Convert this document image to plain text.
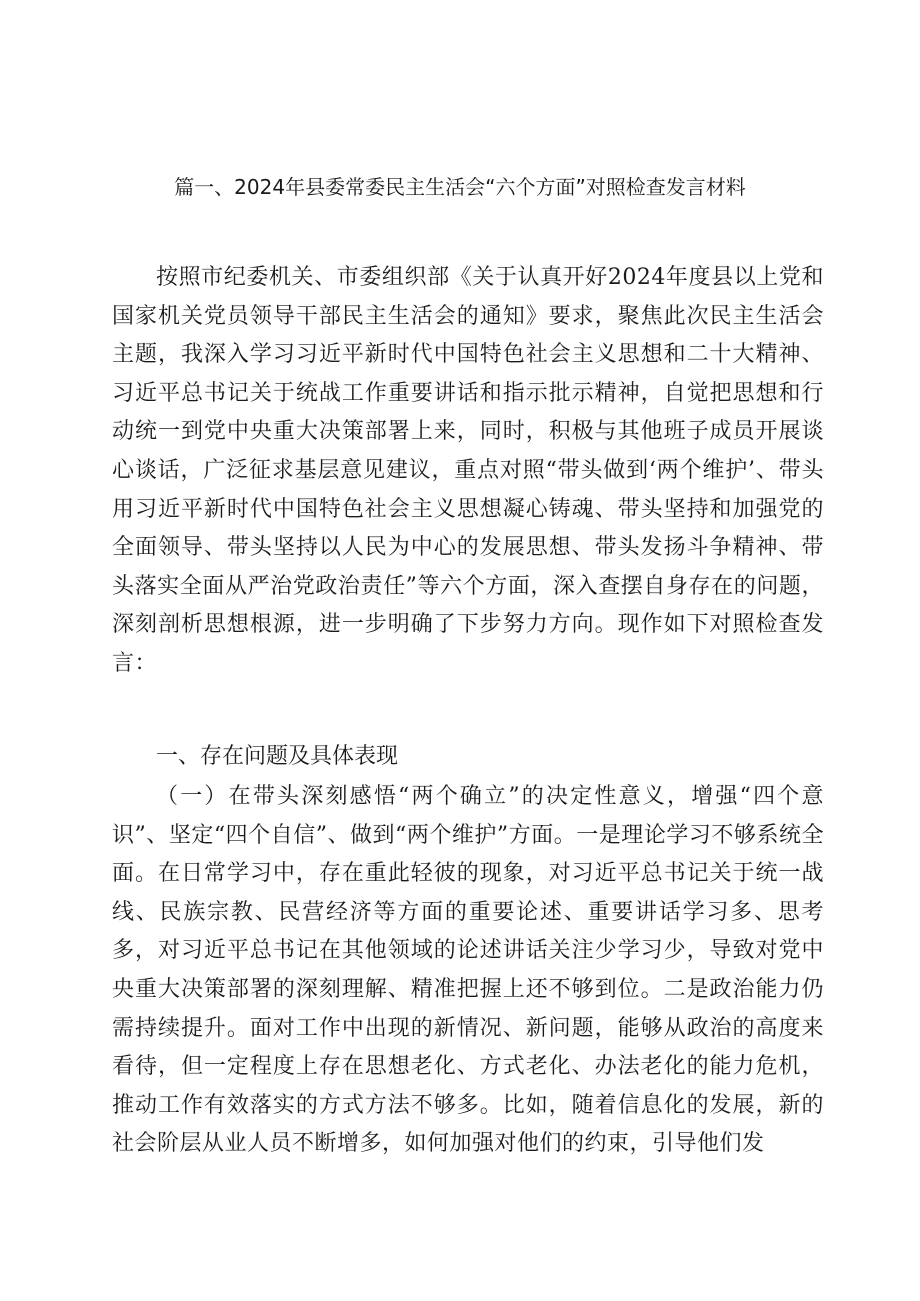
篇一、2024年县委常委民主生活会“六个方面”对照检查发言材料

按照市纪委机关、市委组织部《关于认真开好2024年度县以上党和国家机关党员领导干部民主生活会的通知》要求，聚焦此次民主生活会主题，我深入学习习近平新时代中国特色社会主义思想和二十大精神、习近平总书记关于统战工作重要讲话和指示批示精神，自觉把思想和行动统一到党中央重大决策部署上来，同时，积极与其他班子成员开展谈心谈话，广泛征求基层意见建议，重点对照“带头做到‘两个维护’、带头用习近平新时代中国特色社会主义思想凝心铸魂、带头坚持和加强党的全面领导、带头坚持以人民为中心的发展思想、带头发扬斗争精神、带头落实全面从严治党政治责任”等六个方面，深入查摆自身存在的问题，深刻剖析思想根源，进一步明确了下步努力方向。现作如下对照检查发言：

一、存在问题及具体表现

（一）在带头深刻感悟“两个确立”的决定性意义，增强“四个意识”、坚定“四个自信”、做到“两个维护”方面。一是理论学习不够系统全面。在日常学习中，存在重此轻彼的现象，对习近平总书记关于统一战线、民族宗教、民营经济等方面的重要论述、重要讲话学习多、思考多，对习近平总书记在其他领域的论述讲话关注少学习少，导致对党中央重大决策部署的深刻理解、精准把握上还不够到位。二是政治能力仍需持续提升。面对工作中出现的新情况、新问题，能够从政治的高度来看待，但一定程度上存在思想老化、方式老化、办法老化的能力危机，推动工作有效落实的方式方法不够多。比如，随着信息化的发展，新的社会阶层从业人员不断增多，如何加强对他们的约束，引导他们发
